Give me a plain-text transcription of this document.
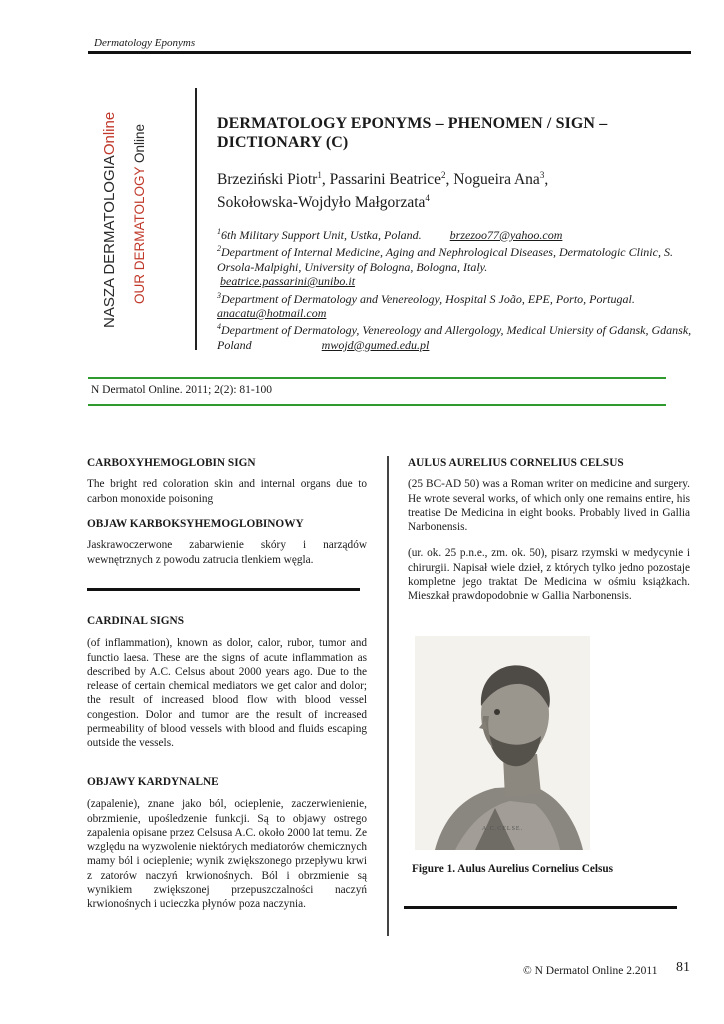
Dermatology Eponyms
NASZA DERMATOLOGIAOnline
OUR DERMATOLOGY Online
DERMATOLOGY EPONYMS – PHENOMEN / SIGN – DICTIONARY (C)
Brzeziński Piotr$^1$, Passarini Beatrice$^2$, Nogueira Ana$^3$,
Sokołowska-Wojdyło Małgorzata$^4$

$^1$6th Military Support Unit, Ustka, Poland. brzezoo77@yahoo.com

$^2$Department of Internal Medicine, Aging and Nephrological Diseases, Dermatologic Clinic, S. Orsola-Malpighi, University of Bologna, Bologna, Italy.
beatrice.passarini@unibo.it

$^3$Department of Dermatology and Venereology, Hospital S João, EPE, Porto, Portugal.
anacatu@hotmail.com

$^4$Department of Dermatology, Venereology and Allergology, Medical Uniersity of Gdansk, Gdansk, Poland	mwojd@gumed.edu.pl

N Dermatol Online. 2011; 2(2): 81-100
CARBOXYHEMOGLOBIN SIGN

The bright red coloration skin and internal organs due to carbon monoxide poisoning

OBJAW KARBOKSYHEMOGLOBINOWY

Jaskrawoczerwone zabarwienie skóry i narządów wewnętrznych z powodu zatrucia tlenkiem węgla.

CARDINAL SIGNS

(of inflammation), known as dolor, calor, rubor, tumor and functio laesa. These are the signs of acute inflammation as described by A.C. Celsus about 2000 years ago. Due to the release of certain chemical mediators we get calor and dolor; the result of increased blood flow with blood vessel congestion. Dolor and tumor are the result of increased permeability of blood vessels with blood and fluids escaping outside the vessels.

OBJAWY KARDYNALNE

(zapalenie), znane jako ból, ocieplenie, zaczerwienienie, obrzmienie, upośledzenie funkcji. Są to objawy ostrego zapalenia opisane przez Celsusa A.C. około 2000 lat temu. Ze względu na wyzwolenie niektórych mediatorów chemicznych mamy ból i ocieplenie; wynik zwiększonego przepływu krwi z zatorów naczyń krwionośnych. Ból i obrzmienie są wynikiem zwiększonej przepuszczalności naczyń krwionośnych i ucieczka płynów poza naczynia.

AULUS AURELIUS CORNELIUS CELSUS

(25 BC-AD 50) was a Roman writer on medicine and surgery. He wrote several works, of which only one remains entire, his treatise De Medicina in eight books. Probably lived in Gallia Narbonensis.

(ur. ok. 25 p.n.e., zm. ok. 50), pisarz rzymski w medycynie i chirurgii. Napisał wiele dzieł, z których tylko jedno pozostaje kompletne jego traktat De Medicina w ośmiu książkach. Mieszkał prawdopodobnie w Gallia Narbonensis.

A.C.CELSE.
Figure 1. Aulus Aurelius Cornelius Celsus
© N Dermatol Online 2.2011 81
